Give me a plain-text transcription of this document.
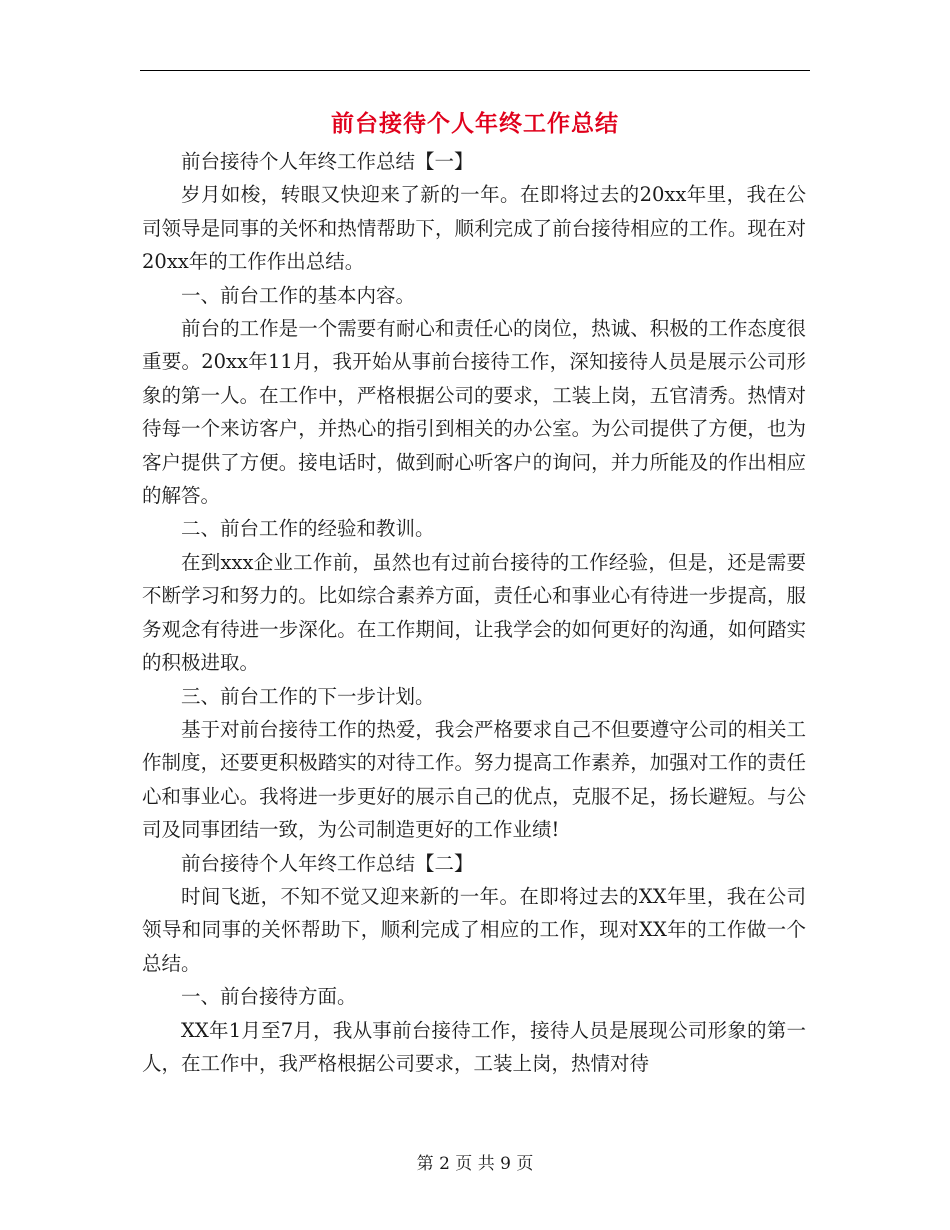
前台接待个人年终工作总结

前台接待个人年终工作总结【一】

岁月如梭，转眼又快迎来了新的一年。在即将过去的20xx年里，我在公司领导是同事的关怀和热情帮助下，顺利完成了前台接待相应的工作。现在对20xx年的工作作出总结。

一、前台工作的基本内容。

前台的工作是一个需要有耐心和责任心的岗位，热诚、积极的工作态度很重要。20xx年11月，我开始从事前台接待工作，深知接待人员是展示公司形象的第一人。在工作中，严格根据公司的要求，工装上岗，五官清秀。热情对待每一个来访客户，并热心的指引到相关的办公室。为公司提供了方便，也为客户提供了方便。接电话时，做到耐心听客户的询问，并力所能及的作出相应的解答。

二、前台工作的经验和教训。

在到xxx企业工作前，虽然也有过前台接待的工作经验，但是，还是需要不断学习和努力的。比如综合素养方面，责任心和事业心有待进一步提高，服务观念有待进一步深化。在工作期间，让我学会的如何更好的沟通，如何踏实的积极进取。

三、前台工作的下一步计划。

基于对前台接待工作的热爱，我会严格要求自己不但要遵守公司的相关工作制度，还要更积极踏实的对待工作。努力提高工作素养，加强对工作的责任心和事业心。我将进一步更好的展示自己的优点，克服不足，扬长避短。与公司及同事团结一致，为公司制造更好的工作业绩!

前台接待个人年终工作总结【二】

时间飞逝，不知不觉又迎来新的一年。在即将过去的XX年里，我在公司领导和同事的关怀帮助下，顺利完成了相应的工作，现对XX年的工作做一个总结。

一、前台接待方面。

XX年1月至7月，我从事前台接待工作，接待人员是展现公司形象的第一人，在工作中，我严格根据公司要求，工装上岗，热情对待

第 2 页 共 9 页
